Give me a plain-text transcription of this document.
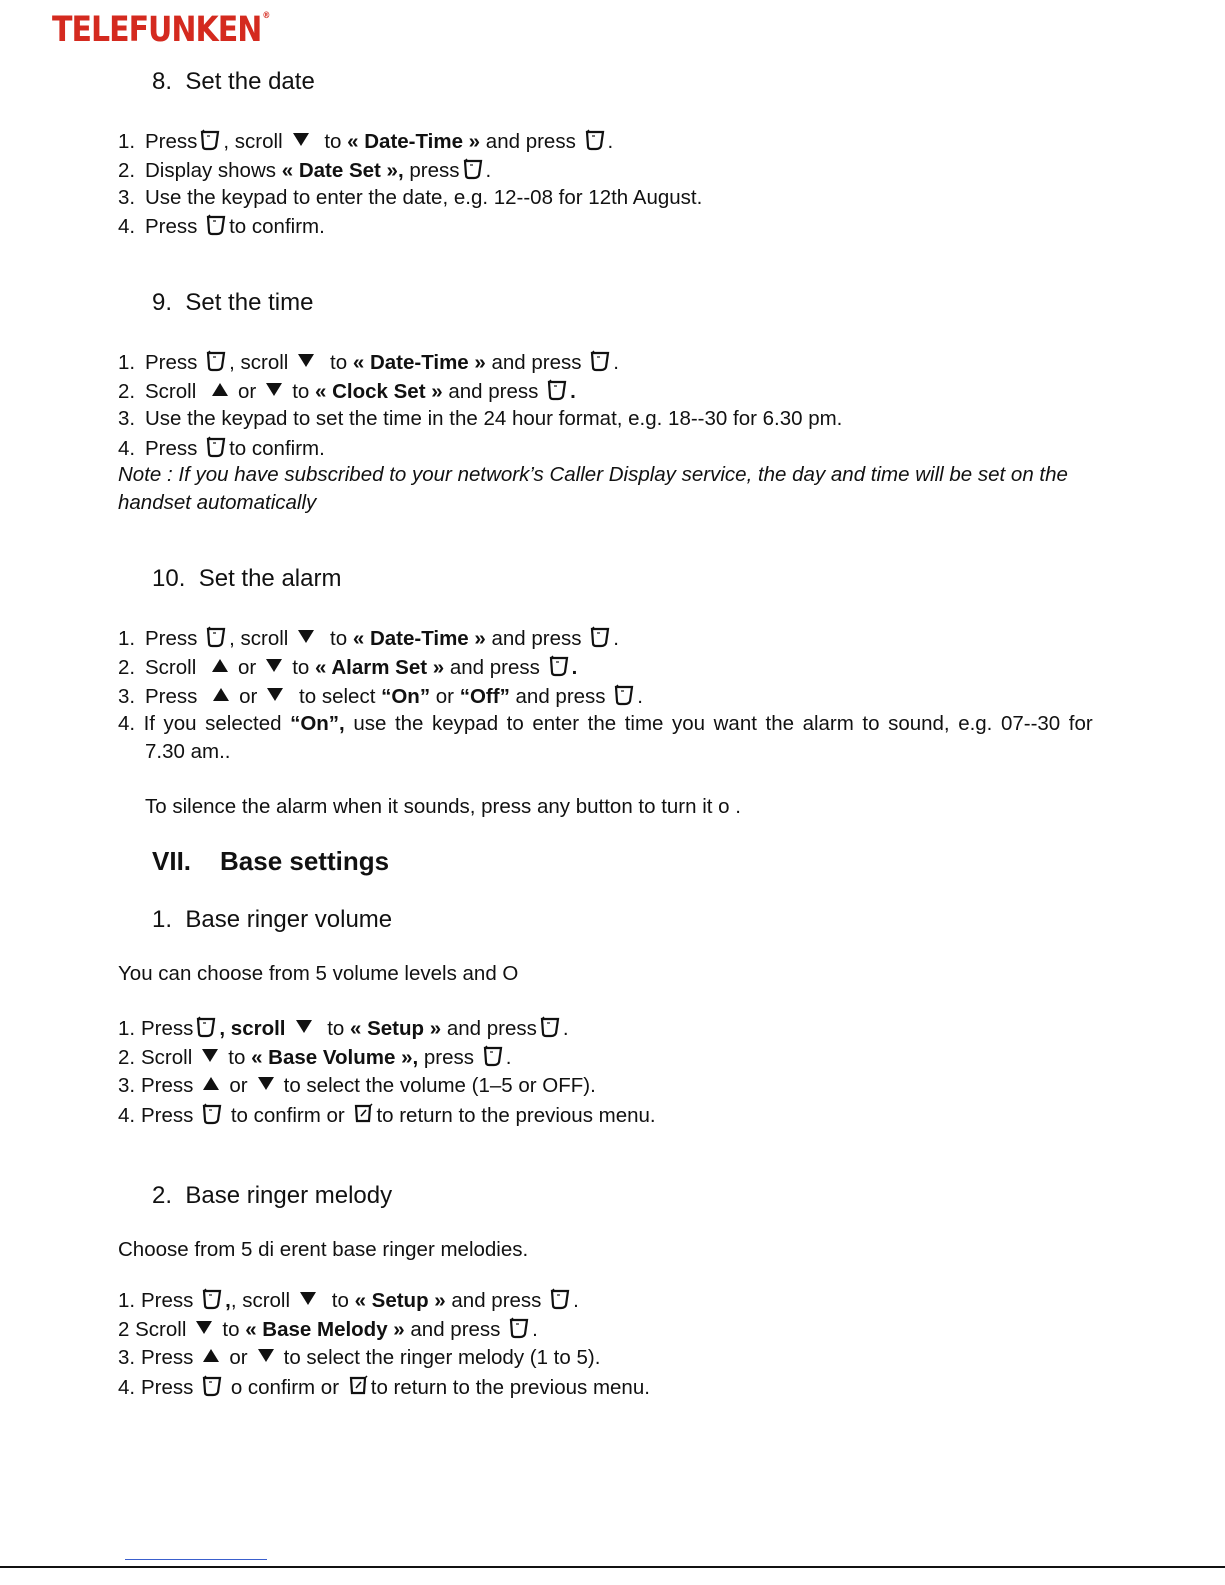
TELEFUNKEN®
8. Set the date
1. Press , scroll to « Date-Time » and press .
2. Display shows « Date Set », press .
3. Use the keypad to enter the date, e.g. 12--08 for 12th August.
4. Press to confirm.
9. Set the time
1. Press , scroll to « Date-Time » and press .
2. Scroll or to « Clock Set » and press .
3. Use the keypad to set the time in the 24 hour format, e.g. 18--30 for 6.30 pm.
4. Press to confirm.
Note : If you have subscribed to your network’s Caller Display service, the day and time will be set on the
handset automatically
10. Set the alarm
1. Press , scroll to « Date-Time » and press .
2. Scroll or to « Alarm Set » and press .
3. Press or to select “On” or “Off” and press .
4. If you selected “On”, use the keypad to enter the time you want the alarm to sound, e.g. 07--30 for
7.30 am..
To silence the alarm when it sounds, press any button to turn it o .
VII. Base settings
1. Base ringer volume
You can choose from 5 volume levels and O
1. Press , scroll to « Setup » and press .
2. Scroll to « Base Volume », press .
3. Press or to select the volume (1–5 or OFF).
4. Press to confirm or to return to the previous menu.
2. Base ringer melody
Choose from 5 di erent base ringer melodies.
1. Press ,, scroll to « Setup » and press .
2 Scroll to « Base Melody » and press .
3. Press or to select the ringer melody (1 to 5).
4. Press o confirm or to return to the previous menu.
